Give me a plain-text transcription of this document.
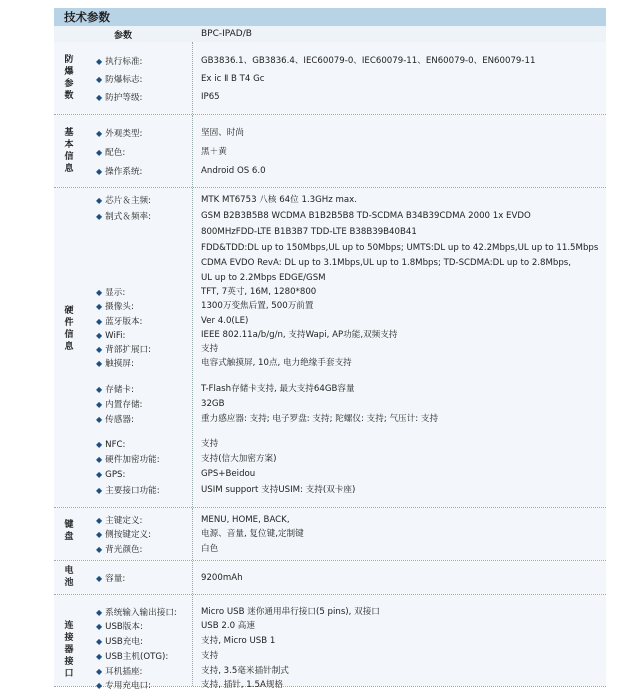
技术参数
参数	BPC-IPAD/B
防
爆
参
数
◆ 执行标准:	GB3836.1、GB3836.4、IEC60079-0、IEC60079-11、EN60079-0、EN60079-11
◆ 防爆标志:	Ex ic Ⅱ B T4 Gc
◆ 防护等级:	IP65
基
本
信
息
◆ 外观类型:	坚固、时尚
◆ 配色:	黑＋黄
◆ 操作系统:	Android OS 6.0
硬
件
信
息
◆ 芯片＆主频:	MTK MT6753 八核 64位 1.3GHz max.
◆ 制式＆频率:	GSM B2B3B5B8 WCDMA B1B2B5B8 TD-SCDMA B34B39CDMA 2000 1x EVDO
800MHzFDD-LTE B1B3B7 TDD-LTE B38B39B40B41
FDD&TDD:DL up to 150Mbps,UL up to 50Mbps; UMTS:DL up to 42.2Mbps,UL up to 11.5Mbps
CDMA EVDO RevA: DL up to 3.1Mbps,UL up to 1.8Mbps; TD-SCDMA:DL up to 2.8Mbps,
UL up to 2.2Mbps EDGE/GSM
◆ 显示:	TFT, 7英寸, 16M, 1280*800
◆ 摄像头:	1300万变焦后置, 500万前置
◆ 蓝牙版本:	Ver 4.0(LE)
◆ WiFi:	IEEE 802.11a/b/g/n, 支持Wapi, AP功能,双频支持
◆ 背部扩展口:	支持
◆ 触摸屏:	电容式触摸屏, 10点, 电力绝缘手套支持
◆ 存储卡:	T-Flash存储卡支持, 最大支持64GB容量
◆ 内置存储:	32GB
◆ 传感器:	重力感应器: 支持; 电子罗盘: 支持; 陀螺仪: 支持; 气压计: 支持
◆ NFC:	支持
◆ 硬件加密功能:	支持(信大加密方案)
◆ GPS:	GPS+Beidou
◆ 主要接口功能:	USIM support 支持USIM: 支持(双卡座)
键
盘
◆ 主键定义:	MENU, HOME, BACK,
◆ 侧按键定义:	电源、音量, 复位键,定制键
◆ 背光颜色:	白色
电
池	◆ 容量:	9200mAh
连
接
器
接
口
◆ 系统输入输出接口:	Micro USB 迷你通用串行接口(5 pins), 双接口
◆ USB版本:	USB 2.0 高速
◆ USB充电:	支持, Micro USB 1
◆ USB主机(OTG):	支持
◆ 耳机插座:	支持, 3.5毫米插针制式
◆ 专用充电口:	支持, 插针, 1.5A规格
